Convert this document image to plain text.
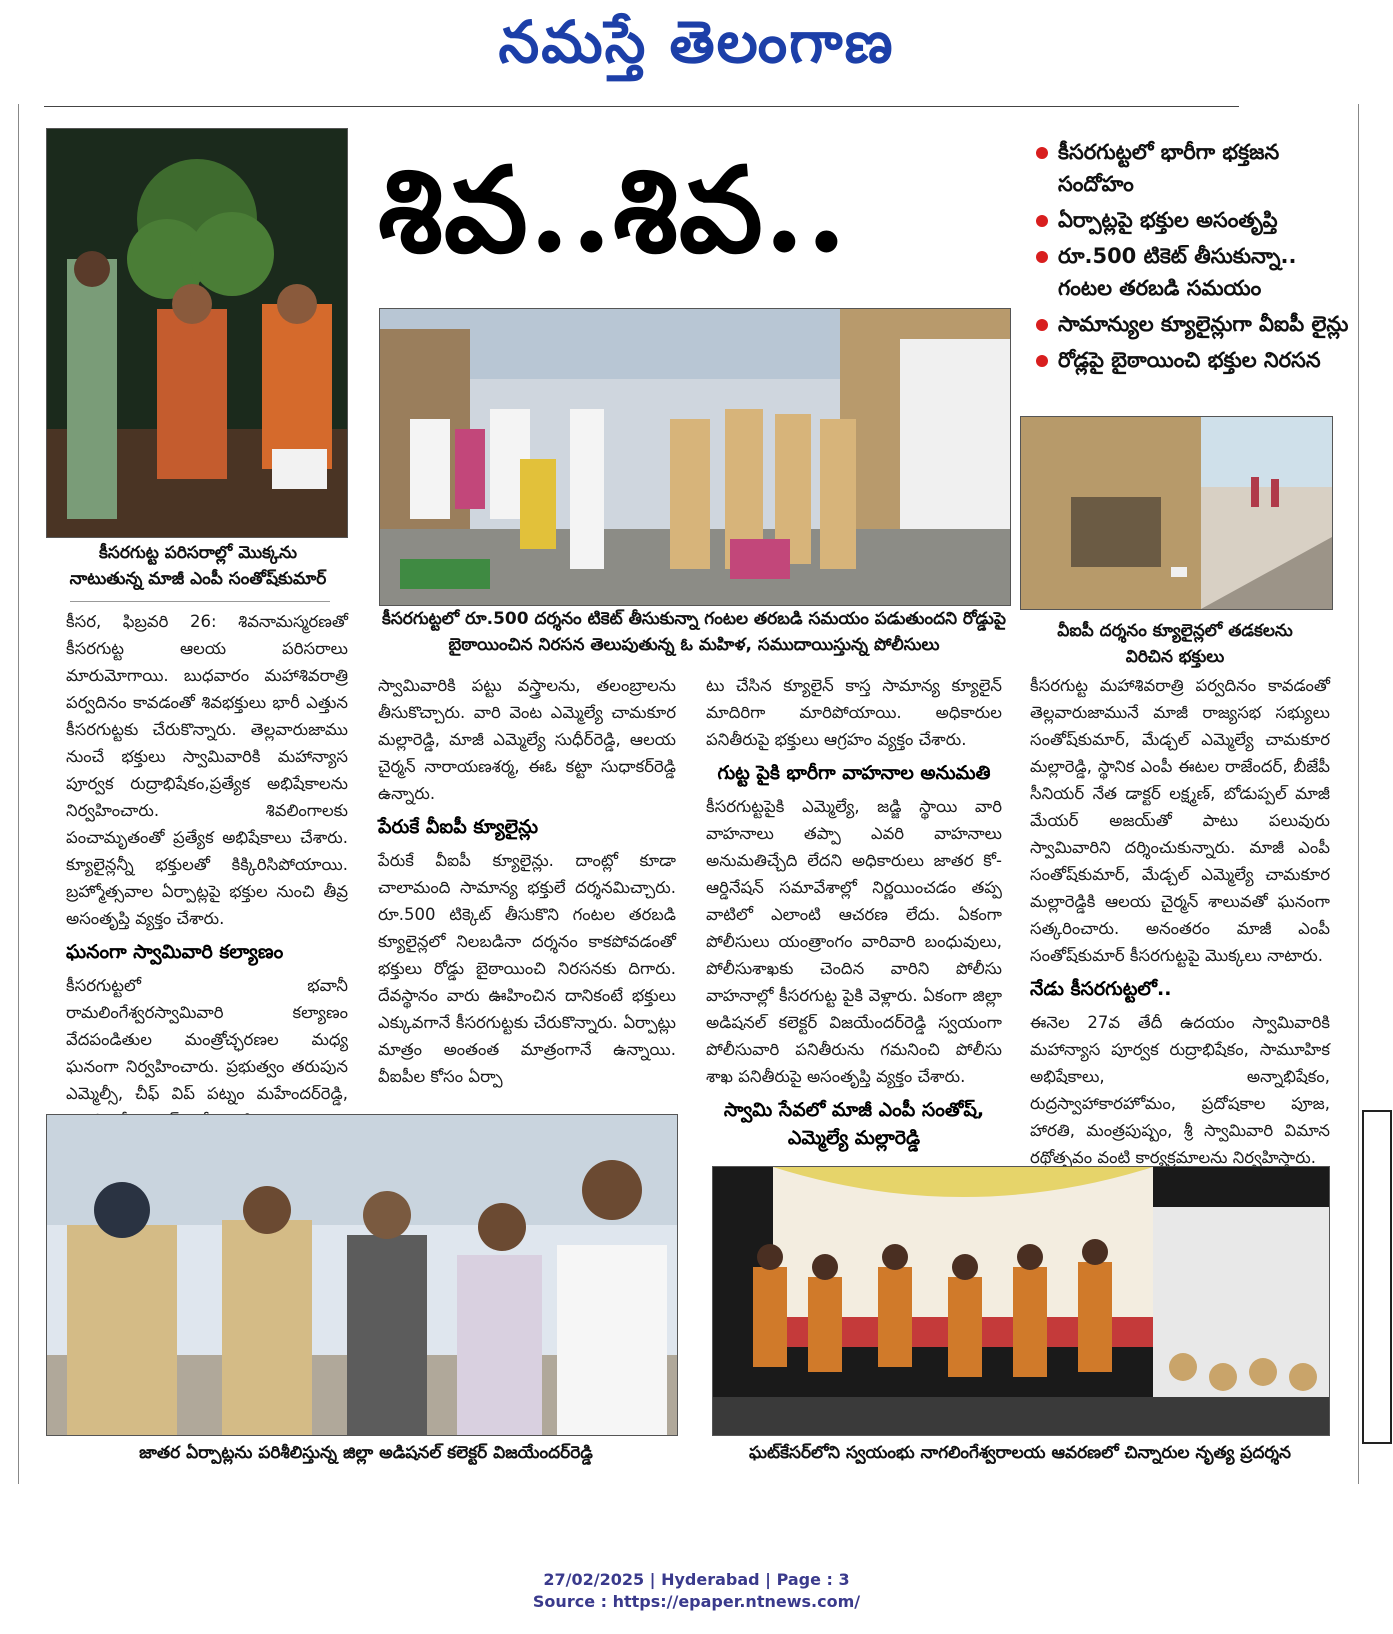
నమస్తే తెలంగాణ
కీసరగుట్ట పరిసరాల్లో మొక్కను నాటుతున్న మాజీ ఎంపీ సంతోష్‌కుమార్
శివ..శివ..	కీసరగుట్టలో భారీగా భక్తజన సందోహం
ఏర్పాట్లపై భక్తుల అసంతృప్తి
రూ.500 టికెట్ తీసుకున్నా.. గంటల తరబడి సమయం
సామాన్యుల క్యూలైన్లుగా వీఐపీ లైన్లు
రోడ్లపై బైఠాయించి భక్తుల నిరసన
కీసరగుట్టలో రూ.500 దర్శనం టికెట్ తీసుకున్నా గంటల తరబడి సమయం పడుతుందని రోడ్డుపై బైఠాయించిన నిరసన తెలుపుతున్న ఓ మహిళ, సముదాయిస్తున్న పోలీసులు
వీఐపీ దర్శనం క్యూలైన్లలో తడకలను విరిచిన భక్తులు
కీసర, ఫిబ్రవరి 26: శివనామస్మరణతో కీసరగుట్ట ఆలయ పరిసరాలు మారుమోగాయి. బుధవారం మహాశివరాత్రి పర్వదినం కావడంతో శివభక్తులు భారీ ఎత్తున కీసరగుట్టకు చేరుకొన్నారు. తెల్లవారుజాము నుంచే భక్తులు స్వామివారికి మహాన్యాస పూర్వక రుద్రాభిషేకం,ప్రత్యేక అభిషేకాలను నిర్వహించారు. శివలింగాలకు పంచామృతంతో ప్రత్యేక అభిషేకాలు చేశారు. క్యూలైన్లన్నీ భక్తులతో కిక్కిరిసిపోయాయి. బ్రహ్మోత్సవాల ఏర్పాట్లపై భక్తుల నుంచి తీవ్ర అసంతృప్తి వ్యక్తం చేశారు.
ఘనంగా స్వామివారి కల్యాణం
కీసరగుట్టలో భవానీ రామలింగేశ్వరస్వామివారి కల్యాణం వేదపండితుల మంత్రోచ్ఛరణల మధ్య ఘనంగా నిర్వహించారు. ప్రభుత్వం తరుపున ఎమ్మెల్సీ, చీఫ్ విప్ పట్నం మహేందర్‌రెడ్డి,
స్వామివారికి పట్టు వస్త్రాలను, తలంబ్రాలను తీసుకొచ్చారు. వారి వెంట ఎమ్మెల్యే చామకూర మల్లారెడ్డి, మాజీ ఎమ్మెల్యే సుధీర్‌రెడ్డి, ఆలయ చైర్మన్ నారాయణశర్మ, ఈఓ కట్టా సుధాకర్‌రెడ్డి ఉన్నారు.
పేరుకే వీఐపీ క్యూలైన్లు
పేరుకే వీఐపీ క్యూలైన్లు. దాంట్లో కూడా చాలామంది సామాన్య భక్తులే దర్శనమిచ్చారు. రూ.500 టిక్కెట్ తీసుకొని గంటల తరబడి క్యూలైన్లలో నిలబడినా దర్శనం కాకపోవడంతో భక్తులు రోడ్డు బైఠాయించి నిరసనకు దిగారు. దేవస్థానం వారు ఊహించిన దానికంటే భక్తులు ఎక్కువగానే కీసరగుట్టకు చేరుకొన్నారు. ఏర్పాట్లు మాత్రం అంతంత మాత్రంగానే ఉన్నాయి. వీఐపీల కోసం ఏర్పా
టు చేసిన క్యూలైన్ కాస్త సామాన్య క్యూలైన్ మాదిరిగా మారిపోయాయి. అధికారుల పనితీరుపై భక్తులు ఆగ్రహం వ్యక్తం చేశారు.
గుట్ట పైకి భారీగా వాహనాల అనుమతి
కీసరగుట్టపైకి ఎమ్మెల్యే, జడ్జి స్థాయి వారి వాహనాలు తప్పా ఎవరి వాహనాలు అనుమతిచ్చేది లేదని అధికారులు జాతర కో-ఆర్డినేషన్ సమావేశాల్లో నిర్ణయించడం తప్ప వాటిలో ఎలాంటి ఆచరణ లేదు. ఏకంగా పోలీసులు యంత్రాంగం వారివారి బంధువులు, పోలీసుశాఖకు చెందిన వారిని పోలీసు వాహనాల్లో కీసరగుట్ట పైకి వెళ్లారు. ఏకంగా జిల్లా అడిషనల్ కలెక్టర్ విజయేందర్‌రెడ్డి స్వయంగా పోలీసువారి పనితీరును గమనించి పోలీసు శాఖ పనితీరుపై అసంతృప్తి వ్యక్తం చేశారు.
స్వామి సేవలో మాజీ ఎంపీ సంతోష్, ఎమ్మెల్యే మల్లారెడ్డి
కీసరగుట్ట మహాశివరాత్రి పర్వదినం కావడంతో తెల్లవారుజామునే మాజీ రాజ్యసభ సభ్యులు సంతోష్‌కుమార్, మేడ్చల్ ఎమ్మెల్యే చామకూర మల్లారెడ్డి, స్థానిక ఎంపీ ఈటల రాజేందర్, బీజేపీ సీనియర్ నేత డాక్టర్ లక్ష్మణ్, బోడుప్పల్ మాజీ మేయర్ అజయ్‌తో పాటు పలువురు స్వామివారిని దర్శించుకున్నారు. మాజీ ఎంపీ సంతోష్‌కుమార్, మేడ్చల్ ఎమ్మెల్యే చామకూర మల్లారెడ్డికి ఆలయ చైర్మన్ శాలువతో ఘనంగా సత్కరించారు. అనంతరం మాజీ ఎంపీ సంతోష్‌కుమార్ కీసరగుట్టపై మొక్కలు నాటారు.
నేడు కీసరగుట్టలో..
ఈనెల 27వ తేదీ ఉదయం స్వామివారికి మహాన్యాస పూర్వక రుద్రాభిషేకం, సామూహిక అభిషేకాలు, అన్నాభిషేకం, రుద్రస్వాహాకారహోమం, ప్రదోషకాల పూజ, హారతి, మంత్రపుష్పం, శ్రీ స్వామివారి విమాన రథోత్సవం వంటి కార్యక్రమాలను నిర్వహిస్తారు.
జాతర ఏర్పాట్లను పరిశీలిస్తున్న జిల్లా అడిషనల్ కలెక్టర్ విజయేందర్‌రెడ్డి	ఘట్‌కేసర్‌లోని స్వయంభు నాగలింగేశ్వరాలయ ఆవరణలో చిన్నారుల నృత్య ప్రదర్శన
27/02/2025 | Hyderabad | Page : 3
Source : https://epaper.ntnews.com/
